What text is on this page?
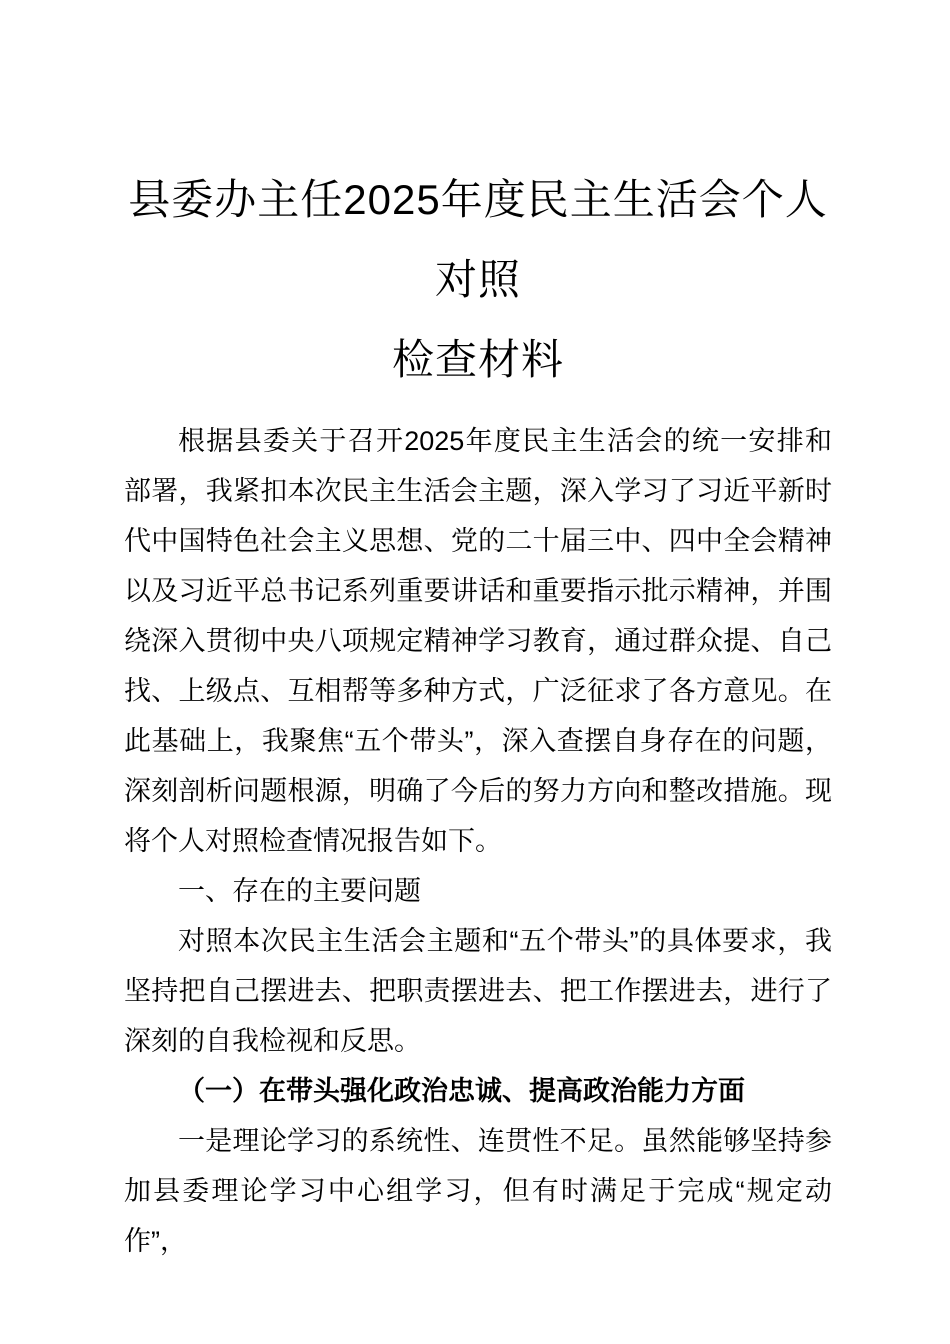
县委办主任2025年度民主生活会个人对照
检查材料

根据县委关于召开2025年度民主生活会的统一安排和部署，我紧扣本次民主生活会主题，深入学习了习近平新时代中国特色社会主义思想、党的二十届三中、四中全会精神以及习近平总书记系列重要讲话和重要指示批示精神，并围绕深入贯彻中央八项规定精神学习教育，通过群众提、自己找、上级点、互相帮等多种方式，广泛征求了各方意见。在此基础上，我聚焦“五个带头”，深入查摆自身存在的问题，深刻剖析问题根源，明确了今后的努力方向和整改措施。现将个人对照检查情况报告如下。

一、存在的主要问题

对照本次民主生活会主题和“五个带头”的具体要求，我坚持把自己摆进去、把职责摆进去、把工作摆进去，进行了深刻的自我检视和反思。

（一）在带头强化政治忠诚、提高政治能力方面

一是理论学习的系统性、连贯性不足。虽然能够坚持参加县委理论学习中心组学习，但有时满足于完成“规定动作”，
